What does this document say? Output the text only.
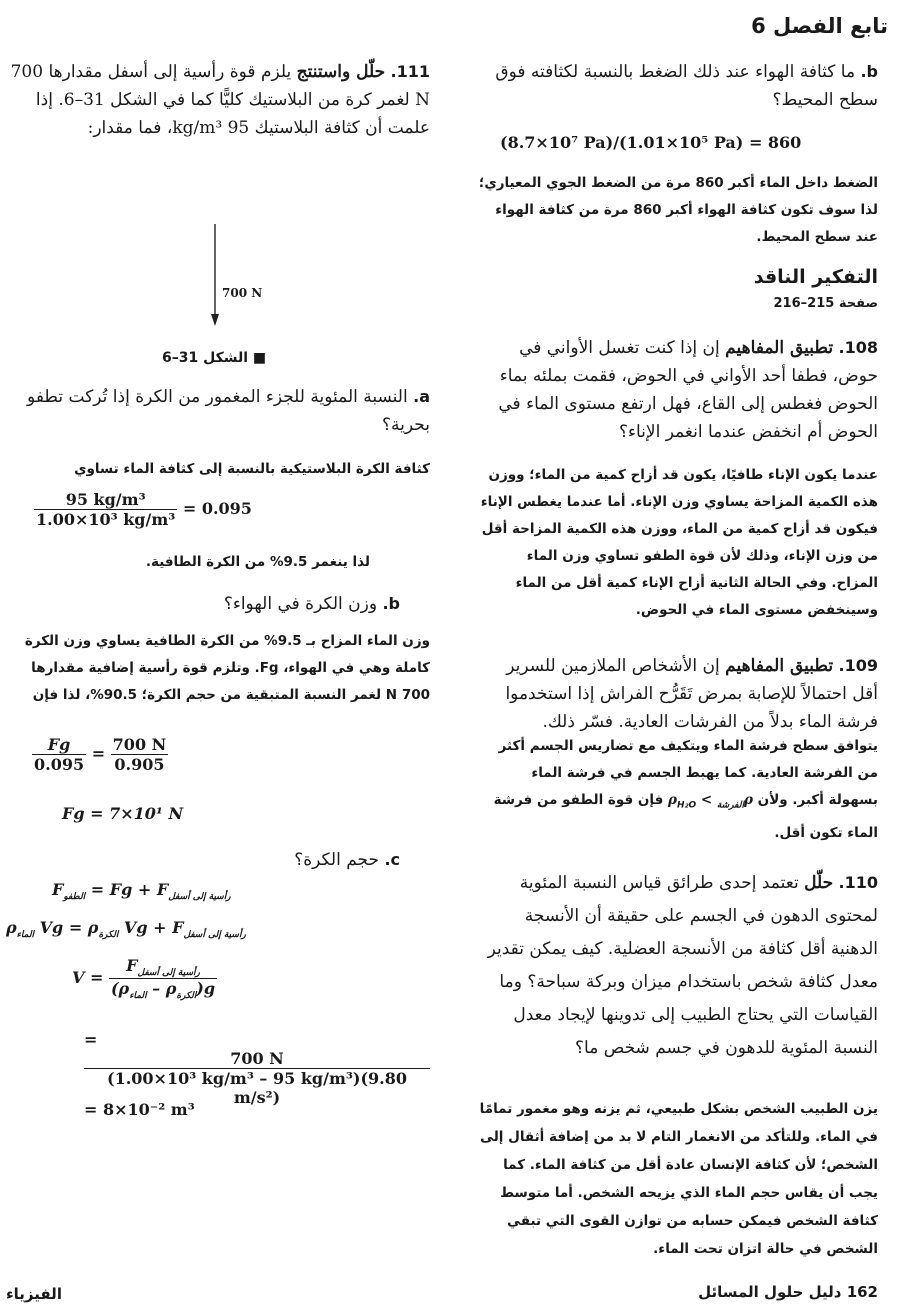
تابع الفصل 6
b. ما كثافة الهواء عند ذلك الضغط بالنسبة لكثافته فوق سطح المحيط؟
(8.7×10⁷ Pa)/(1.01×10⁵ Pa) = 860
الضغط داخل الماء أكبر 860 مرة من الضغط الجوي المعياري؛ لذا سوف تكون كثافة الهواء أكبر 860 مرة من كثافة الهواء عند سطح المحيط.
التفكير الناقد
صفحة 215–216
108. تطبيق المفاهيم إن إذا كنت تغسل الأواني في حوض، فطفا أحد الأواني في الحوض، فقمت بملئه بماء الحوض فغطس إلى القاع، فهل ارتفع مستوى الماء في الحوض أم انخفض عندما انغمر الإناء؟
عندما يكون الإناء طافيًا، يكون قد أزاح كمية من الماء؛ ووزن هذه الكمية المزاحة يساوي وزن الإناء. أما عندما يغطس الإناء فيكون قد أزاح كمية من الماء، ووزن هذه الكمية المزاحة أقل من وزن الإناء، وذلك لأن قوة الطفو تساوي وزن الماء المزاح. وفي الحالة الثانية أزاح الإناء كمية أقل من الماء وسينخفض مستوى الماء في الحوض.
109. تطبيق المفاهيم إن الأشخاص الملازمين للسرير أقل احتمالاً للإصابة بمرض تَقَرُّح الفراش إذا استخدموا فرشة الماء بدلاً من الفرشات العادية. فسّر ذلك.
يتوافق سطح فرشة الماء ويتكيف مع تضاريس الجسم أكثر من الفرشة العادية. كما يهبط الجسم في فرشة الماء بسهولة أكبر. ولأن $\rho_{الفرشة} > \rho_{H_2O}$ فإن قوة الطفو من فرشة الماء تكون أقل.
110. حلّل تعتمد إحدى طرائق قياس النسبة المئوية لمحتوى الدهون في الجسم على حقيقة أن الأنسجة الدهنية أقل كثافة من الأنسجة العضلية. كيف يمكن تقدير معدل كثافة شخص باستخدام ميزان وبركة سباحة؟ وما القياسات التي يحتاج الطبيب إلى تدوينها لإيجاد معدل النسبة المئوية للدهون في جسم شخص ما؟
يزن الطبيب الشخص بشكل طبيعي، ثم يزنه وهو مغمور تمامًا في الماء. وللتأكد من الانغمار التام لا بد من إضافة أثقال إلى الشخص؛ لأن كثافة الإنسان عادة أقل من كثافة الماء. كما يجب أن يقاس حجم الماء الذي يزيحه الشخص. أما متوسط كثافة الشخص فيمكن حسابه من توازن القوى التي تبقي الشخص في حالة اتزان تحت الماء.
162 دليل حلول المسائل
111. حلّل واستنتج يلزم قوة رأسية إلى أسفل مقدارها 700 N لغمر كرة من البلاستيك كليًّا كما في الشكل 31–6. إذا علمت أن كثافة البلاستيك 95 kg/m³، فما مقدار:
700 N
■ الشكل 31–6
a. النسبة المئوية للجزء المغمور من الكرة إذا تُركت تطفو بحرية؟
كثافة الكرة البلاستيكية بالنسبة إلى كثافة الماء تساوي
$\frac{\text{95 kg/m³}}{\text{1.00×10³ kg/m³}} = 0.095$
لذا ينغمر 9.5% من الكرة الطافية.
b. وزن الكرة في الهواء؟
وزن الماء المزاح بـ 9.5% من الكرة الطافية يساوي وزن الكرة كاملة وهي في الهواء، Fg. وتلزم قوة رأسية إضافية مقدارها 700 N لغمر النسبة المتبقية من حجم الكرة؛ 90.5%، لذا فإن
$\frac{Fg}{0.095} = \frac{700 N}{0.905}$
Fg = 7×10¹ N
c. حجم الكرة؟
$F_{الطفو} = Fg + F_{رأسية إلى أسفل}$
$\rho_{الماء}$ $Vg = \rho_{الكرة}$ $Vg + F_{رأسية إلى أسفل}$
$V = \frac{F_{رأسية إلى أسفل}}{(\rho_{الماء} - \rho_{الكرة})g}$
=
$\frac{700 N}{\text{(1.00×10³ kg/m³ – 95 kg/m³)(9.80 m/s²)}}$
= 8×10⁻² m³
الفيزياء
